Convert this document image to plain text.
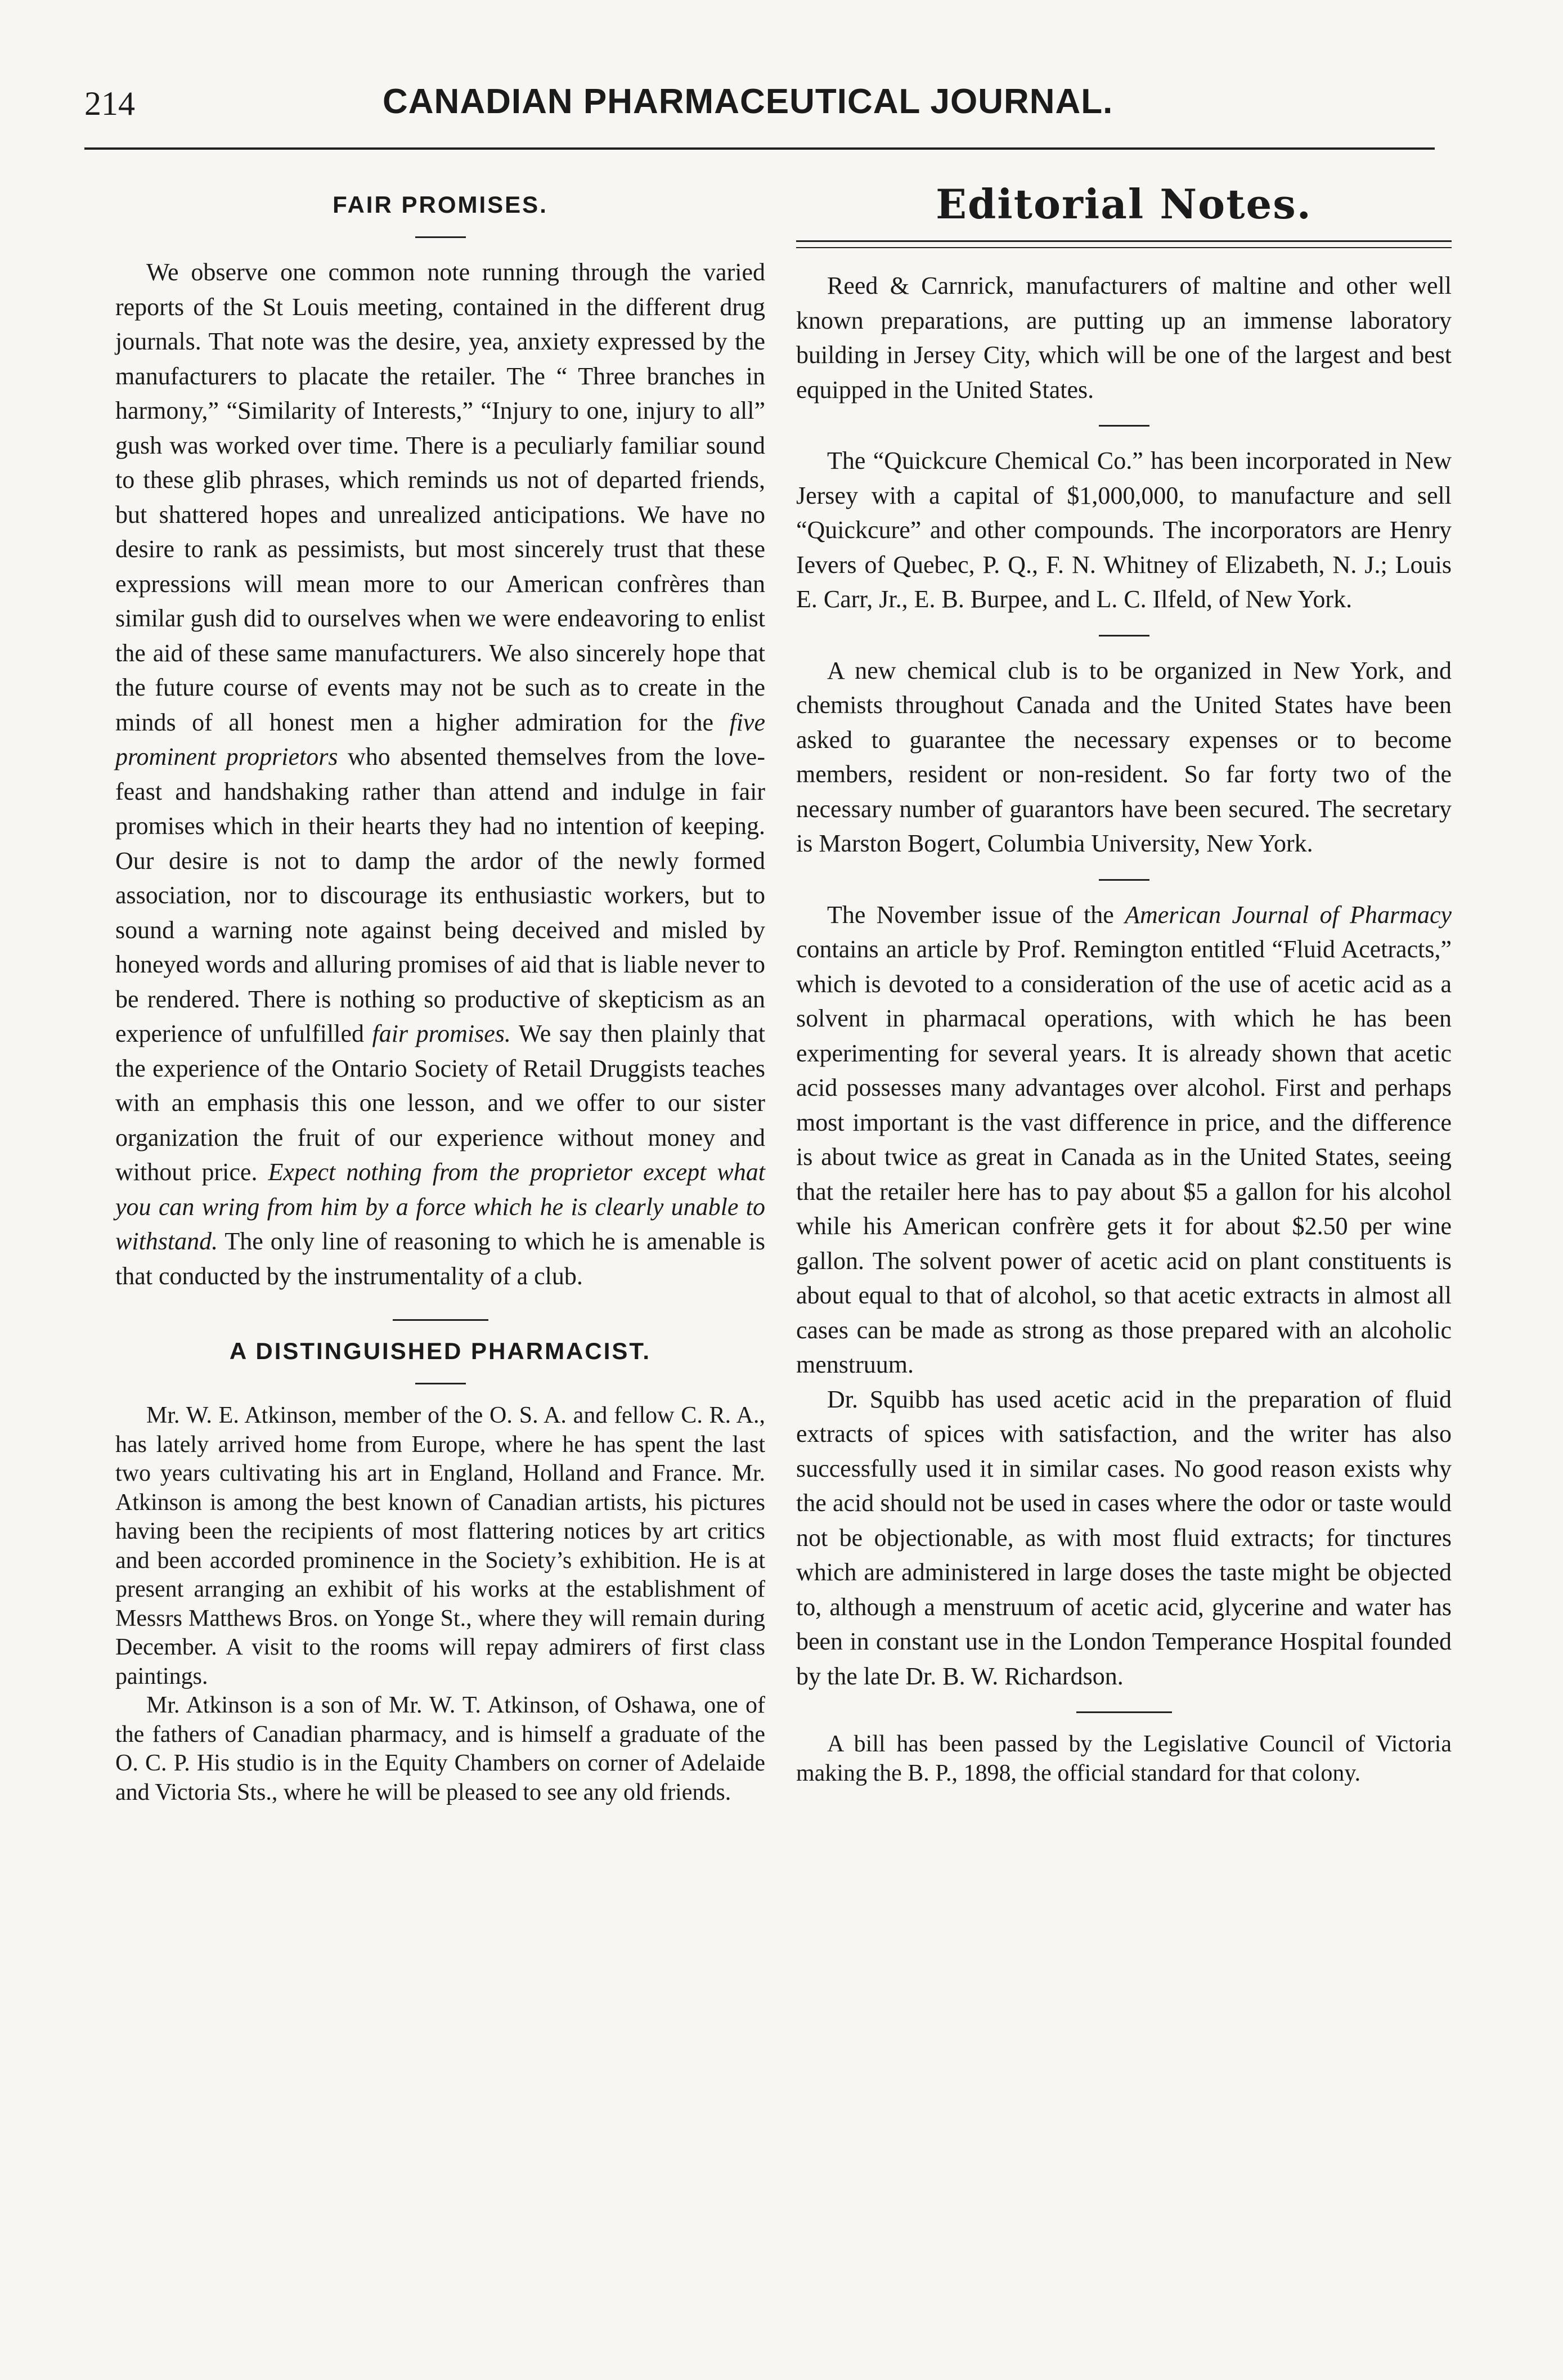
214	CANADIAN PHARMACEUTICAL JOURNAL.
FAIR PROMISES.

We observe one common note running through the varied reports of the St Louis meeting, contained in the different drug journals. That note was the desire, yea, anxiety expressed by the manufacturers to placate the retailer. The “ Three branches in harmony,” “Similarity of Interests,” “Injury to one, injury to all” gush was worked over time. There is a peculiarly familiar sound to these glib phrases, which reminds us not of departed friends, but shattered hopes and unrealized anticipations. We have no desire to rank as pessimists, but most sincerely trust that these expressions will mean more to our American confrères than similar gush did to ourselves when we were endeavoring to enlist the aid of these same manufacturers. We also sincerely hope that the future course of events may not be such as to create in the minds of all honest men a higher admiration for the five prominent proprietors who absented themselves from the love-feast and handshaking rather than attend and indulge in fair promises which in their hearts they had no intention of keeping. Our desire is not to damp the ardor of the newly formed association, nor to discourage its enthusiastic workers, but to sound a warning note against being deceived and misled by honeyed words and alluring promises of aid that is liable never to be rendered. There is nothing so productive of skepticism as an experience of unfulfilled fair promises. We say then plainly that the experience of the Ontario Society of Retail Druggists teaches with an emphasis this one lesson, and we offer to our sister organization the fruit of our experience without money and without price. Expect nothing from the proprietor except what you can wring from him by a force which he is clearly unable to withstand. The only line of reasoning to which he is amenable is that conducted by the instrumentality of a club.

A DISTINGUISHED PHARMACIST.

Mr. W. E. Atkinson, member of the O. S. A. and fellow C. R. A., has lately arrived home from Europe, where he has spent the last two years cultivating his art in England, Holland and France. Mr. Atkinson is among the best known of Canadian artists, his pictures having been the recipients of most flattering notices by art critics and been accorded prominence in the Society’s exhibition. He is at present arranging an exhibit of his works at the establishment of Messrs Matthews Bros. on Yonge St., where they will remain during December. A visit to the rooms will repay admirers of first class paintings.

Mr. Atkinson is a son of Mr. W. T. Atkinson, of Oshawa, one of the fathers of Canadian pharmacy, and is himself a graduate of the O. C. P. His studio is in the Equity Chambers on corner of Adelaide and Victoria Sts., where he will be pleased to see any old friends.

Editorial Notes.

Reed & Carnrick, manufacturers of maltine and other well known preparations, are putting up an immense laboratory building in Jersey City, which will be one of the largest and best equipped in the United States.

The “Quickcure Chemical Co.” has been incorporated in New Jersey with a capital of $1,000,000, to manufacture and sell “Quickcure” and other compounds. The incorporators are Henry Ievers of Quebec, P. Q., F. N. Whitney of Elizabeth, N. J.; Louis E. Carr, Jr., E. B. Burpee, and L. C. Ilfeld, of New York.

A new chemical club is to be organized in New York, and chemists throughout Canada and the United States have been asked to guarantee the necessary expenses or to become members, resident or non-resident. So far forty two of the necessary number of guarantors have been secured. The secretary is Marston Bogert, Columbia University, New York.

The November issue of the American Journal of Pharmacy contains an article by Prof. Remington entitled “Fluid Acetracts,” which is devoted to a consideration of the use of acetic acid as a solvent in pharmacal operations, with which he has been experimenting for several years. It is already shown that acetic acid possesses many advantages over alcohol. First and perhaps most important is the vast difference in price, and the difference is about twice as great in Canada as in the United States, seeing that the retailer here has to pay about $5 a gallon for his alcohol while his American confrère gets it for about $2.50 per wine gallon. The solvent power of acetic acid on plant constituents is about equal to that of alcohol, so that acetic extracts in almost all cases can be made as strong as those prepared with an alcoholic menstruum.

Dr. Squibb has used acetic acid in the preparation of fluid extracts of spices with satisfaction, and the writer has also successfully used it in similar cases. No good reason exists why the acid should not be used in cases where the odor or taste would not be objectionable, as with most fluid extracts; for tinctures which are administered in large doses the taste might be objected to, although a menstruum of acetic acid, glycerine and water has been in constant use in the London Temperance Hospital founded by the late Dr. B. W. Richardson.

A bill has been passed by the Legislative Council of Victoria making the B. P., 1898, the official standard for that colony.
